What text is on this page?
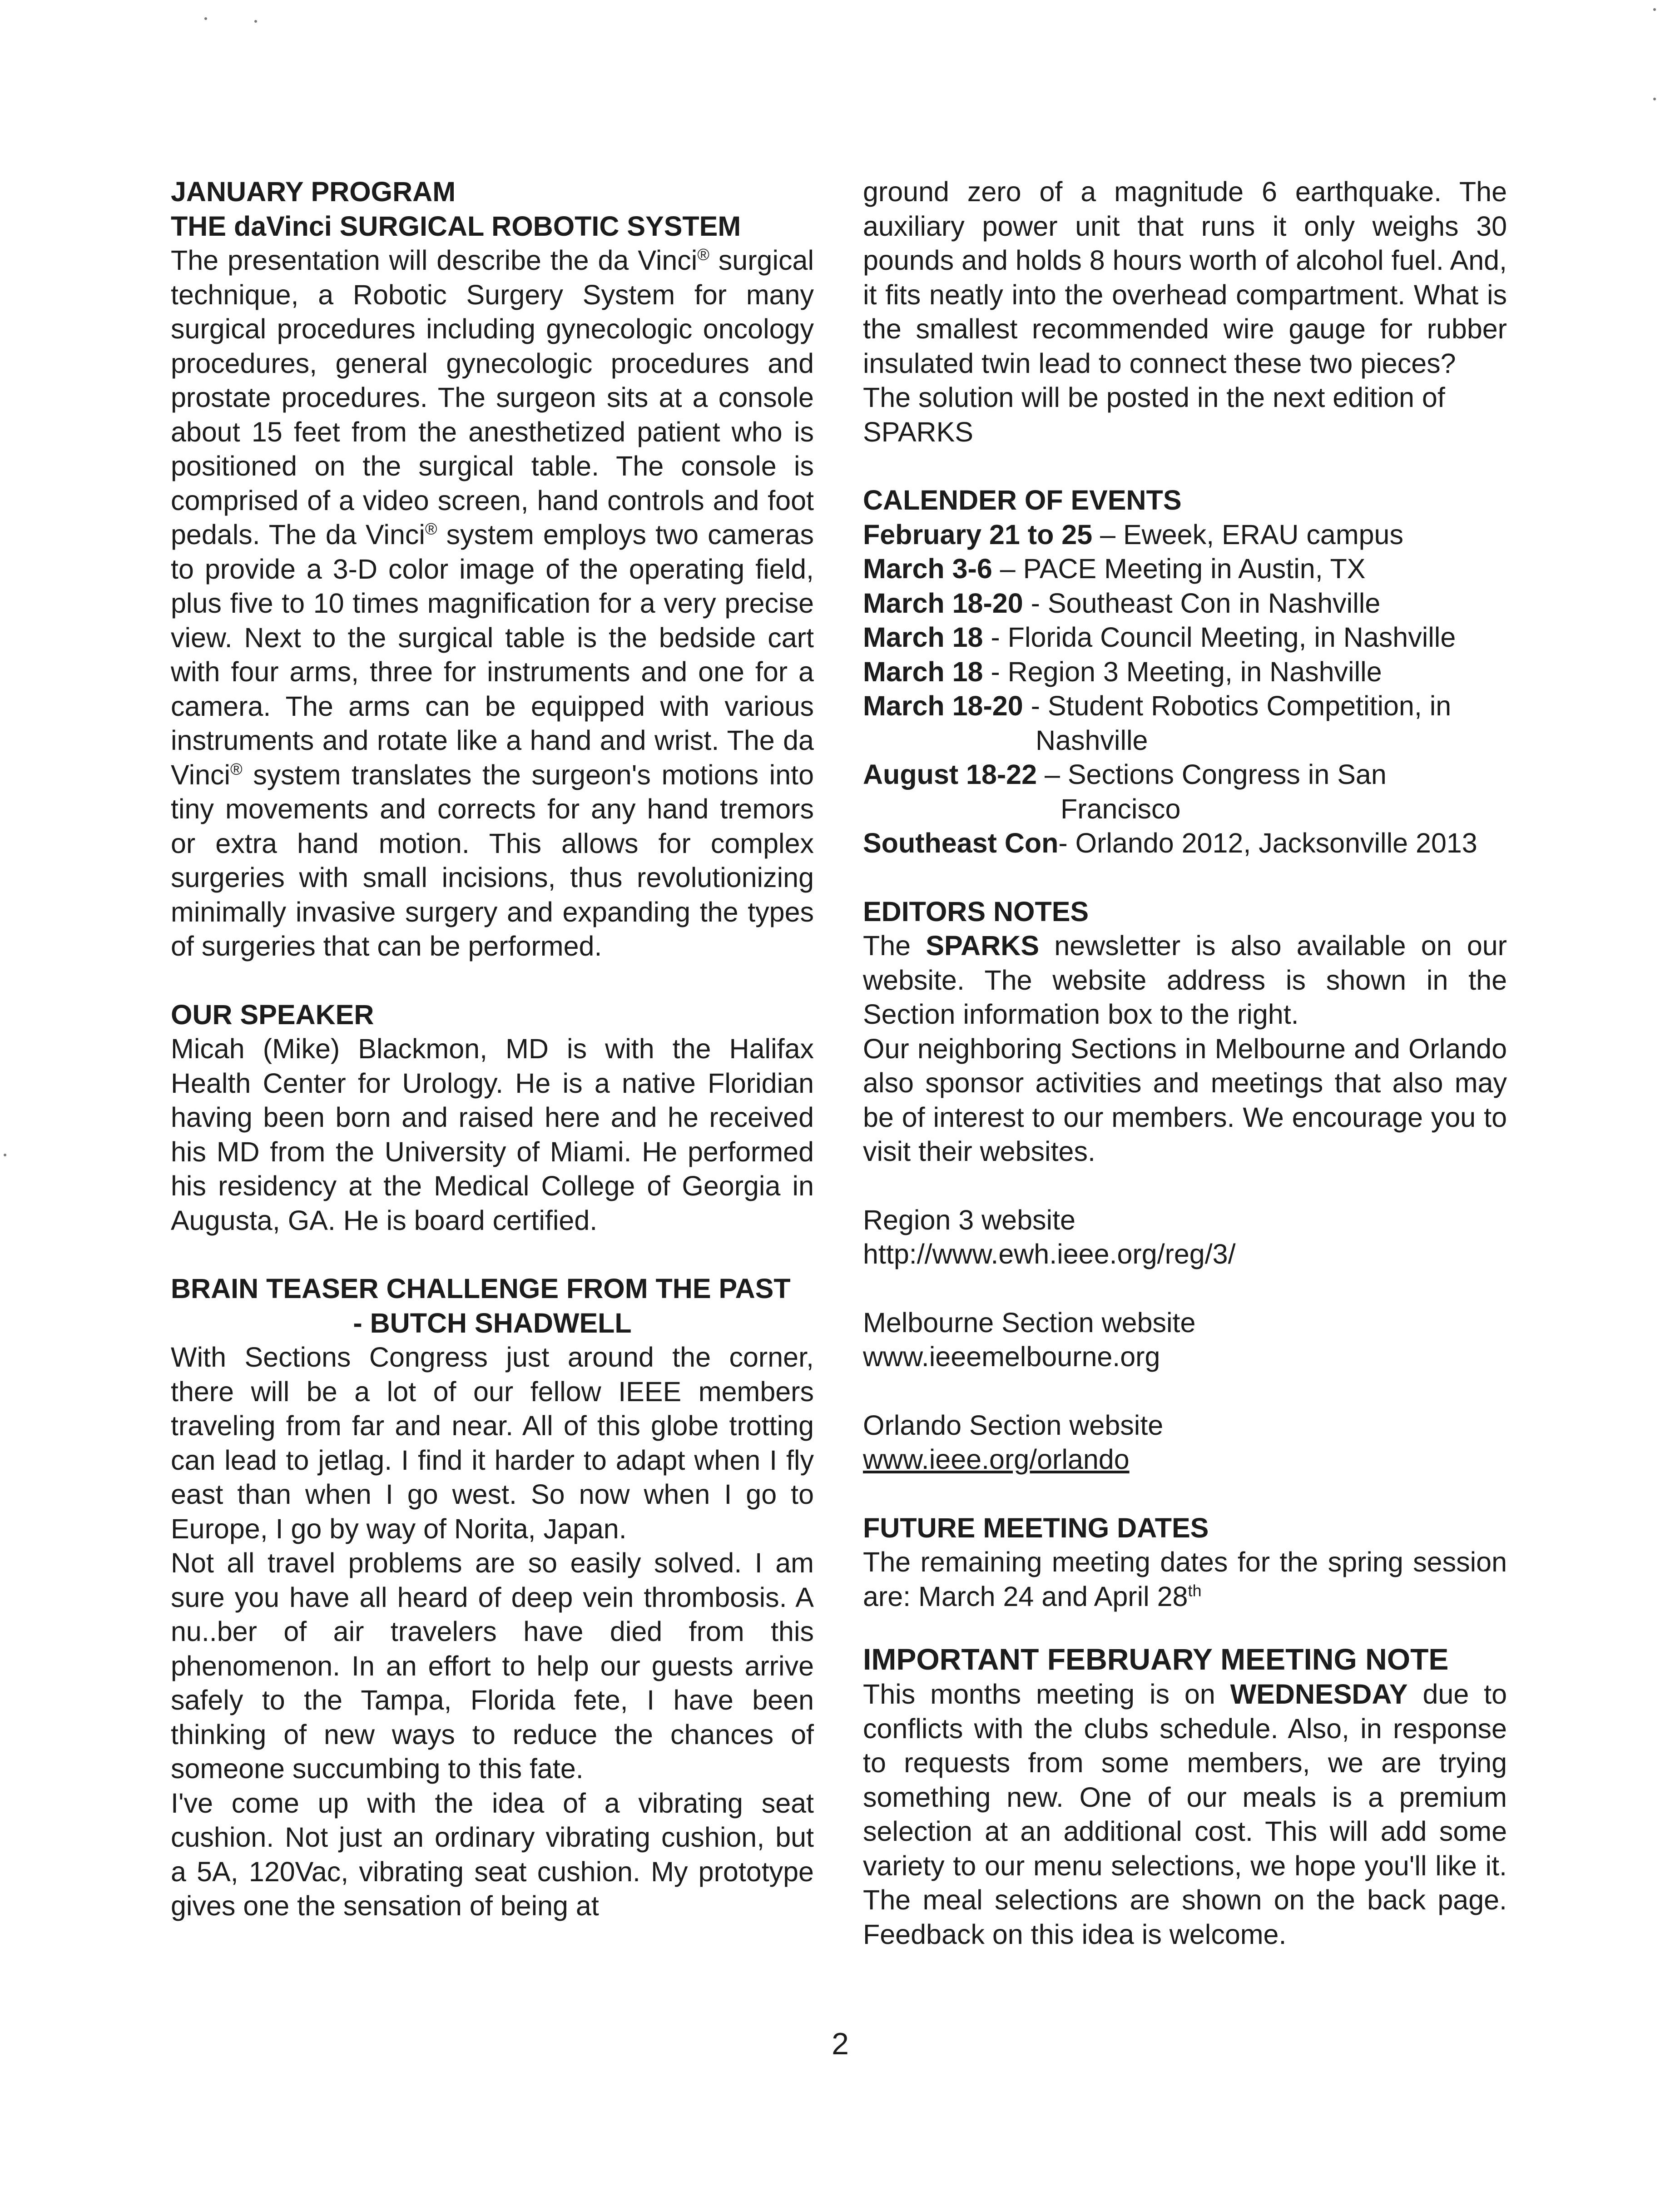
JANUARY PROGRAM
THE daVinci SURGICAL ROBOTIC SYSTEM
The presentation will describe the da Vinci® surgical technique, a Robotic Surgery System for many surgical procedures including gynecologic oncology procedures, general gynecologic procedures and prostate procedures. The surgeon sits at a console about 15 feet from the anesthetized patient who is positioned on the surgical table. The console is comprised of a video screen, hand controls and foot pedals. The da Vinci® system employs two cameras to provide a 3-D color image of the operating field, plus five to 10 times magnification for a very precise view. Next to the surgical table is the bedside cart with four arms, three for instruments and one for a camera. The arms can be equipped with various instruments and rotate like a hand and wrist. The da Vinci® system translates the surgeon's motions into tiny movements and corrects for any hand tremors or extra hand motion. This allows for complex surgeries with small incisions, thus revolutionizing minimally invasive surgery and expanding the types of surgeries that can be performed.
OUR SPEAKER
Micah (Mike) Blackmon, MD is with the Halifax Health Center for Urology. He is a native Floridian having been born and raised here and he received his MD from the University of Miami. He performed his residency at the Medical College of Georgia in Augusta, GA. He is board certified.
BRAIN TEASER CHALLENGE FROM THE PAST
- BUTCH SHADWELL
With Sections Congress just around the corner, there will be a lot of our fellow IEEE members traveling from far and near. All of this globe trotting can lead to jetlag. I find it harder to adapt when I fly east than when I go west. So now when I go to Europe, I go by way of Norita, Japan.
Not all travel problems are so easily solved. I am sure you have all heard of deep vein thrombosis. A nu..ber of air travelers have died from this phenomenon. In an effort to help our guests arrive safely to the Tampa, Florida fete, I have been thinking of new ways to reduce the chances of someone succumbing to this fate.
I've come up with the idea of a vibrating seat cushion. Not just an ordinary vibrating cushion, but a 5A, 120Vac, vibrating seat cushion. My prototype gives one the sensation of being at
ground zero of a magnitude 6 earthquake. The auxiliary power unit that runs it only weighs 30 pounds and holds 8 hours worth of alcohol fuel. And, it fits neatly into the overhead compartment. What is the smallest recommended wire gauge for rubber insulated twin lead to connect these two pieces?
The solution will be posted in the next edition of SPARKS
CALENDER OF EVENTS
February 21 to 25 – Eweek, ERAU campus
March 3-6 – PACE Meeting in Austin, TX
March 18-20 - Southeast Con in Nashville
March 18 - Florida Council Meeting, in Nashville
March 18 - Region 3 Meeting, in Nashville
March 18-20 - Student Robotics Competition, in
Nashville
August 18-22 – Sections Congress in San
Francisco
Southeast Con- Orlando 2012, Jacksonville 2013
EDITORS NOTES
The SPARKS newsletter is also available on our website. The website address is shown in the Section information box to the right.
Our neighboring Sections in Melbourne and Orlando also sponsor activities and meetings that also may be of interest to our members. We encourage you to visit their websites.
Region 3 website
http://www.ewh.ieee.org/reg/3/
Melbourne Section website
www.ieeemelbourne.org
Orlando Section website
www.ieee.org/orlando
FUTURE MEETING DATES
The remaining meeting dates for the spring session are: March 24 and April 28th
IMPORTANT FEBRUARY MEETING NOTE
This months meeting is on WEDNESDAY due to conflicts with the clubs schedule. Also, in response to requests from some members, we are trying something new. One of our meals is a premium selection at an additional cost. This will add some variety to our menu selections, we hope you'll like it. The meal selections are shown on the back page. Feedback on this idea is welcome.
2
